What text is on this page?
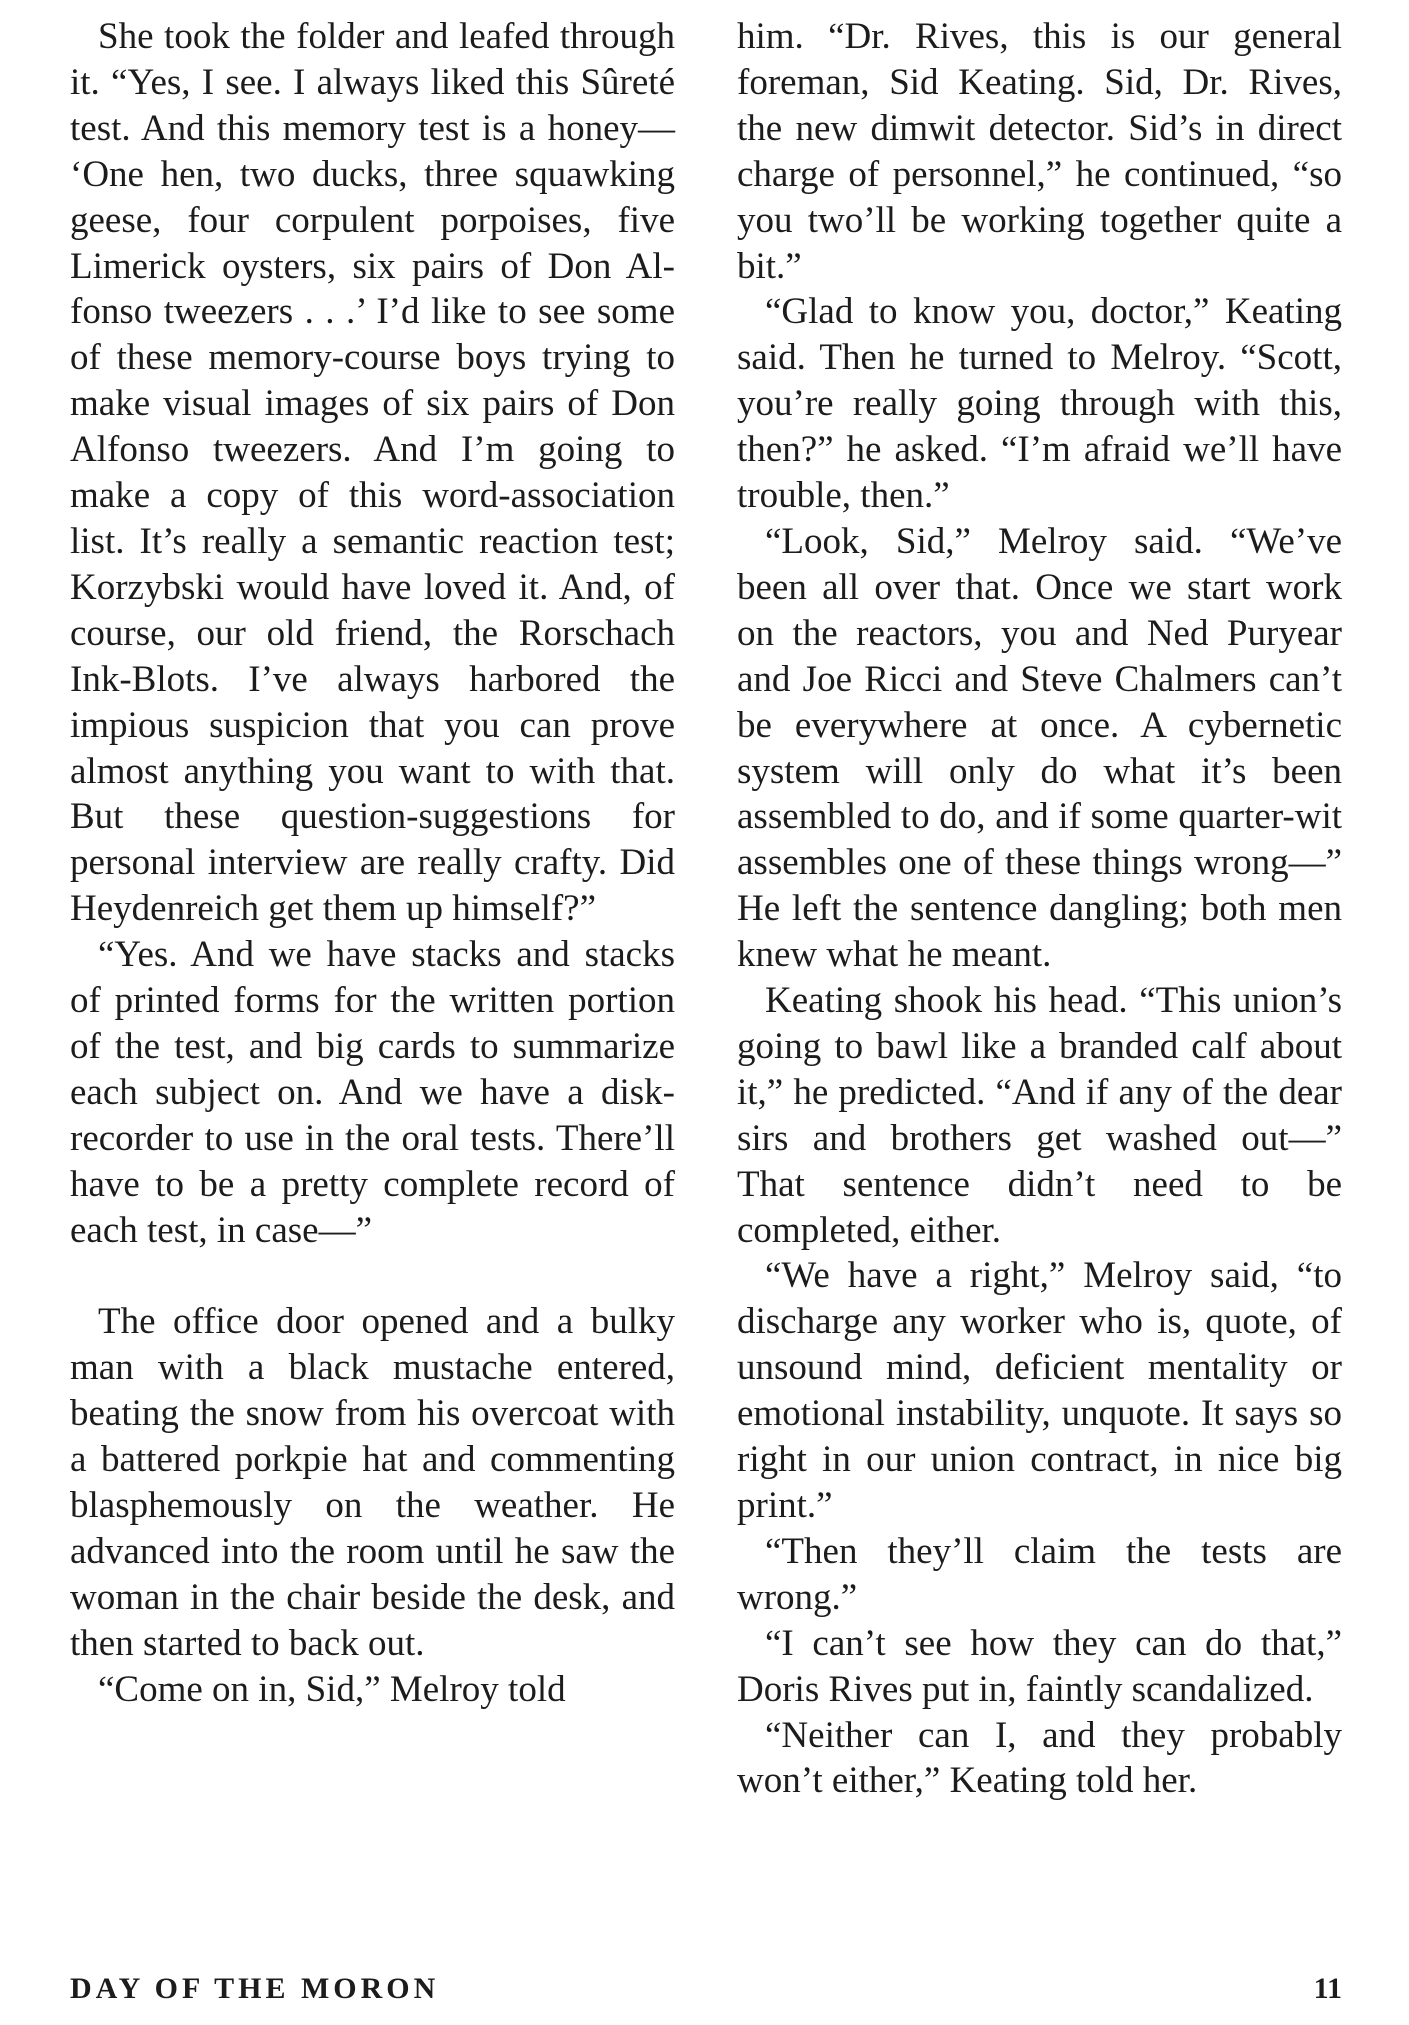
She took the folder and leafed through it. “Yes, I see. I always liked this Sûreté test. And this memory test is a honey— ‘One hen, two ducks, three squawking geese, four corpulent porpoises, five Limerick oysters, six pairs of Don Alfonso tweezers . . .’ I’d like to see some of these memory-course boys trying to make visual images of six pairs of Don Alfonso tweezers. And I’m going to make a copy of this word-association list. It’s really a semantic reaction test; Korzybski would have loved it. And, of course, our old friend, the Rorschach Ink-Blots. I’ve always harbored the impious suspicion that you can prove almost anything you want to with that. But these question-suggestions for personal interview are really crafty. Did Heydenreich get them up himself?”

“Yes. And we have stacks and stacks of printed forms for the written portion of the test, and big cards to summarize each subject on. And we have a disk-recorder to use in the oral tests. There’ll have to be a pretty complete record of each test, in case—”

The office door opened and a bulky man with a black mustache entered, beating the snow from his overcoat with a battered porkpie hat and commenting blasphemously on the weather. He advanced into the room until he saw the woman in the chair beside the desk, and then started to back out.

“Come on in, Sid,” Melroy told

him. “Dr. Rives, this is our general foreman, Sid Keating. Sid, Dr. Rives, the new dimwit detector. Sid’s in direct charge of personnel,” he continued, “so you two’ll be working together quite a bit.”

“Glad to know you, doctor,” Keating said. Then he turned to Melroy. “Scott, you’re really going through with this, then?” he asked. “I’m afraid we’ll have trouble, then.”

“Look, Sid,” Melroy said. “We’ve been all over that. Once we start work on the reactors, you and Ned Puryear and Joe Ricci and Steve Chalmers can’t be everywhere at once. A cybernetic system will only do what it’s been assembled to do, and if some quarter-wit assembles one of these things wrong—” He left the sentence dangling; both men knew what he meant.

Keating shook his head. “This union’s going to bawl like a branded calf about it,” he predicted. “And if any of the dear sirs and brothers get washed out—” That sentence didn’t need to be completed, either.

“We have a right,” Melroy said, “to discharge any worker who is, quote, of unsound mind, deficient mentality or emotional instability, unquote. It says so right in our union contract, in nice big print.”

“Then they’ll claim the tests are wrong.”

“I can’t see how they can do that,” Doris Rives put in, faintly scandalized.

“Neither can I, and they probably won’t either,” Keating told her.

DAY OF THE MORON	11
